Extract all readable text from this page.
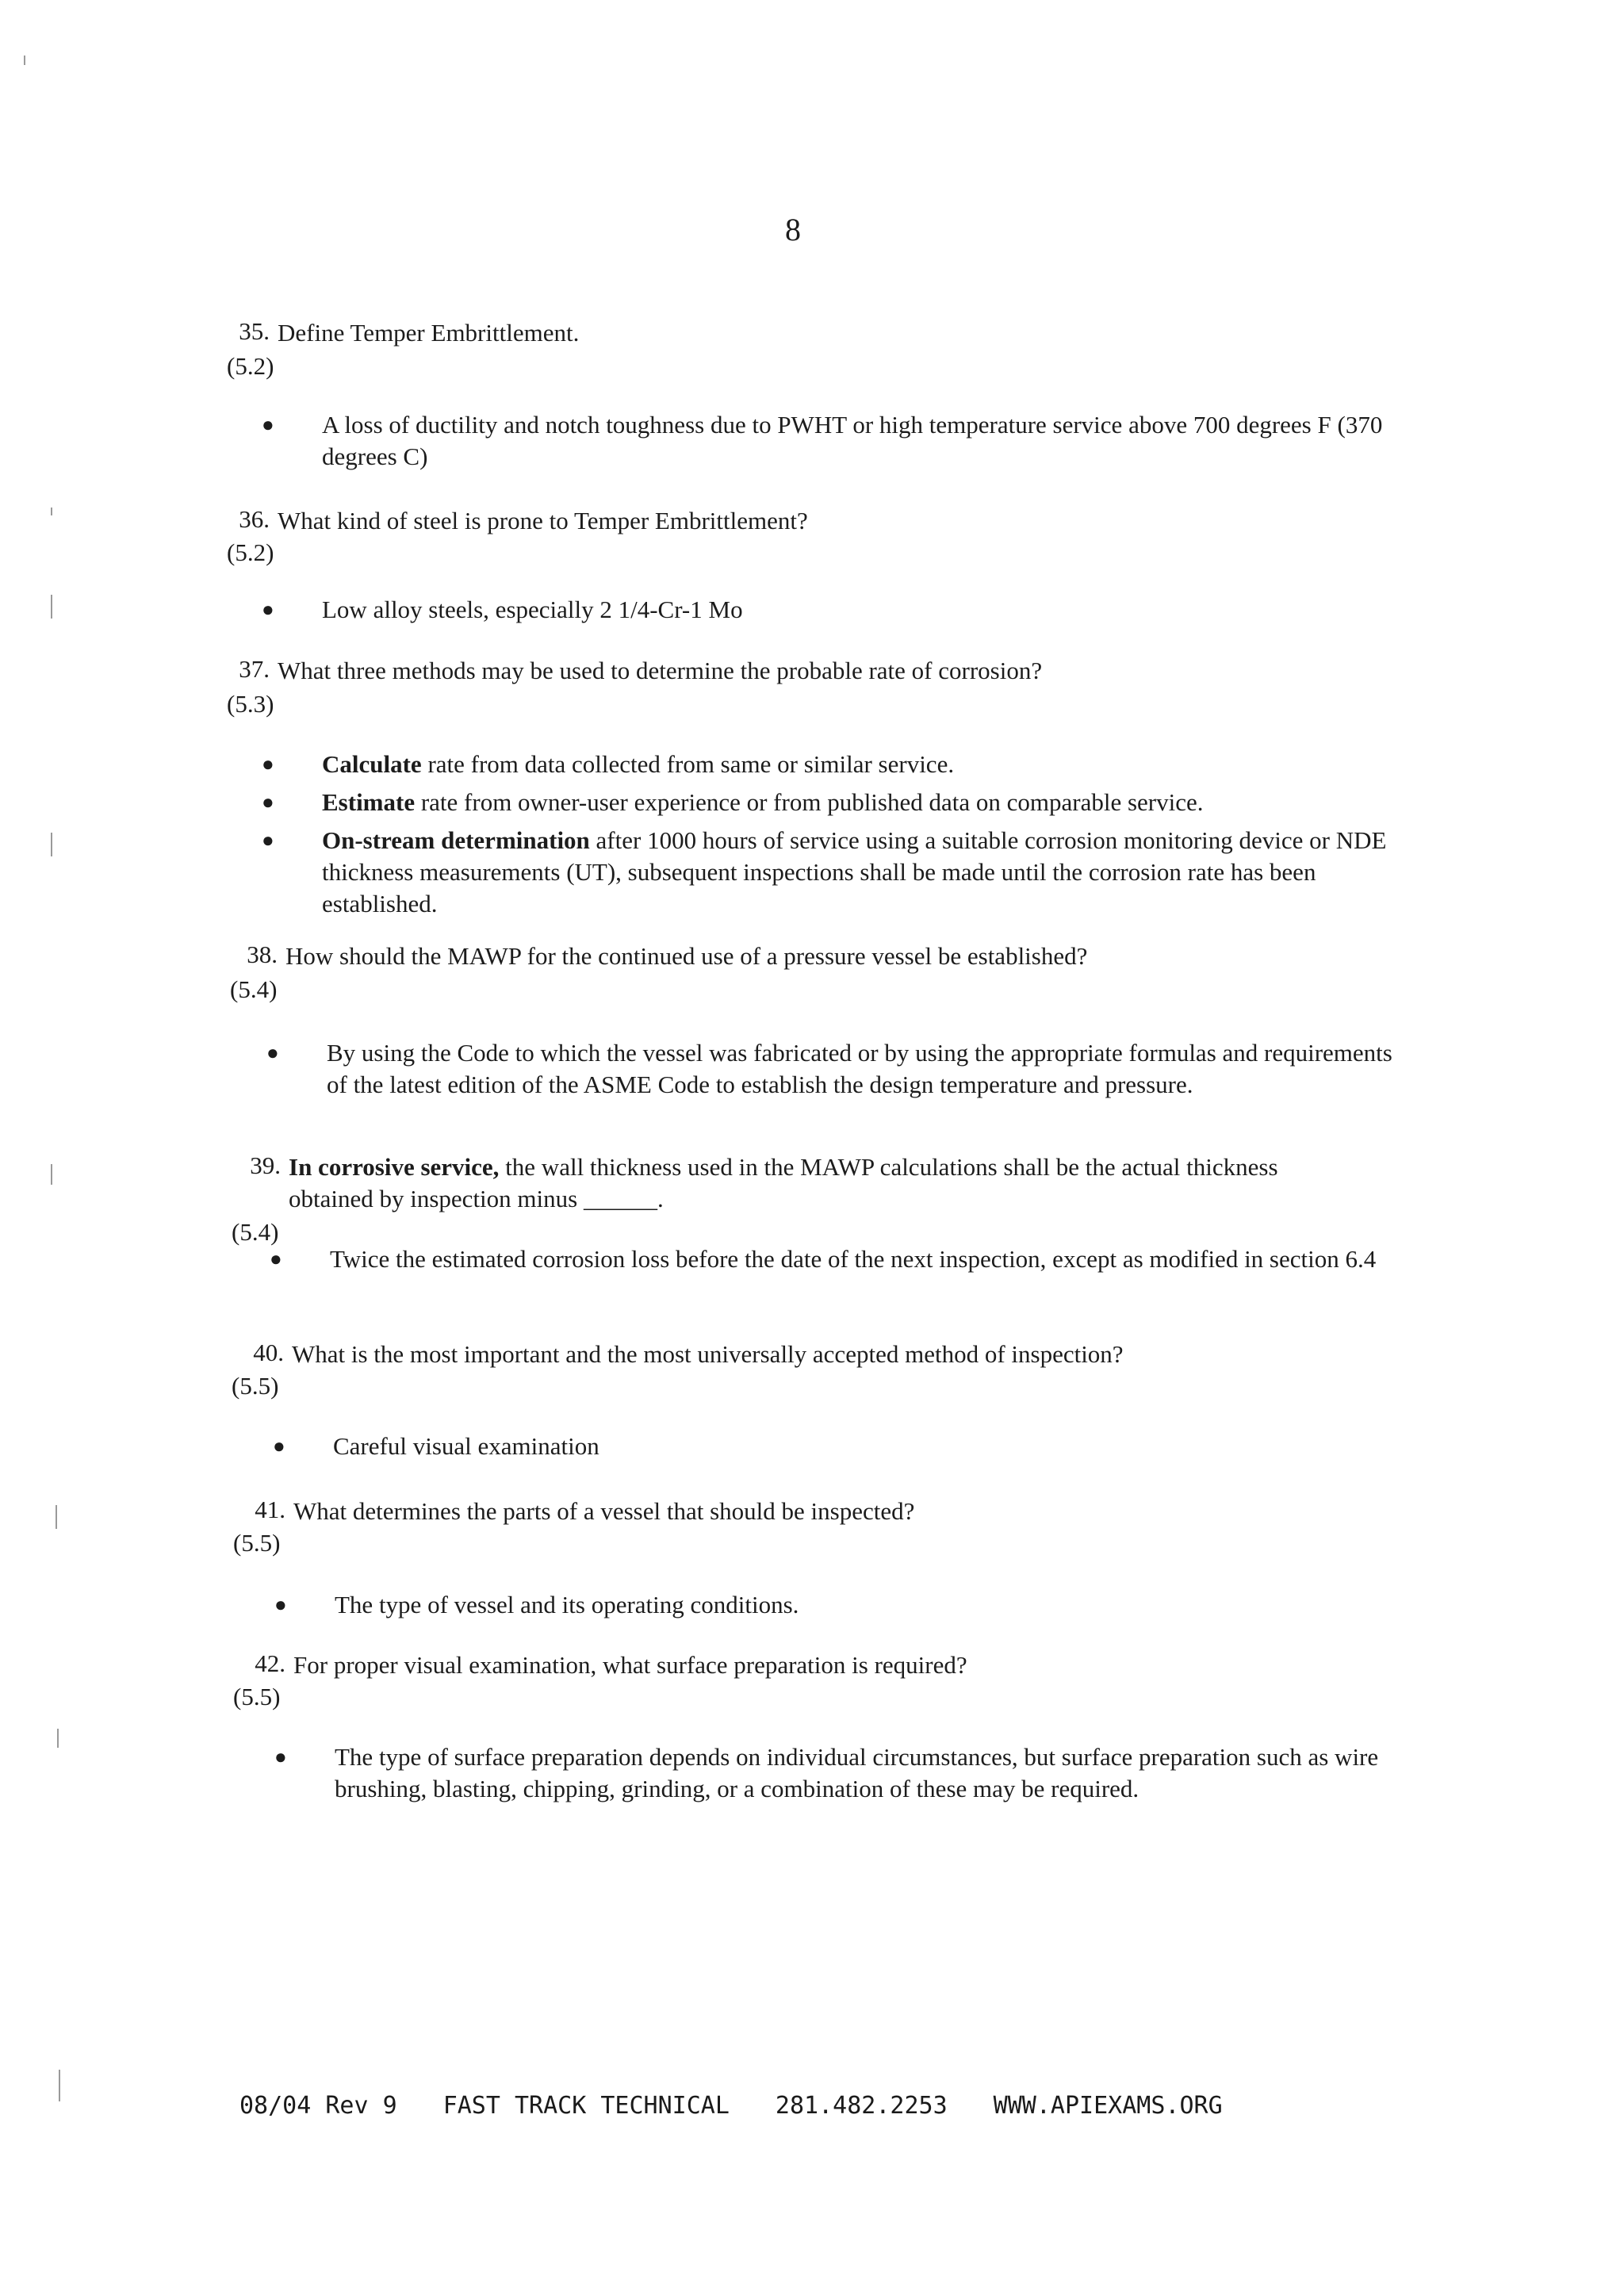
8
35. Define Temper Embrittlement.
(5.2)
● A loss of ductility and notch toughness due to PWHT or high temperature service above 700 degrees F (370 degrees C)
36. What kind of steel is prone to Temper Embrittlement?
(5.2)
● Low alloy steels, especially 2 1/4-Cr-1 Mo
37. What three methods may be used to determine the probable rate of corrosion?
(5.3)
● Calculate rate from data collected from same or similar service.
● Estimate rate from owner-user experience or from published data on comparable service.
● On-stream determination after 1000 hours of service using a suitable corrosion monitoring device or NDE thickness measurements (UT), subsequent inspections shall be made until the corrosion rate has been established.
38. How should the MAWP for the continued use of a pressure vessel be established?
(5.4)
● By using the Code to which the vessel was fabricated or by using the appropriate formulas and requirements of the latest edition of the ASME Code to establish the design temperature and pressure.
39. In corrosive service, the wall thickness used in the MAWP calculations shall be the actual thickness obtained by inspection minus ______.
(5.4)
● Twice the estimated corrosion loss before the date of the next inspection, except as modified in section 6.4
40. What is the most important and the most universally accepted method of inspection?
(5.5)
● Careful visual examination
41. What determines the parts of a vessel that should be inspected?
(5.5)
● The type of vessel and its operating conditions.
42. For proper visual examination, what surface preparation is required?
(5.5)
● The type of surface preparation depends on individual circumstances, but surface preparation such as wire brushing, blasting, chipping, grinding, or a combination of these may be required.
08/04 Rev 9 FAST TRACK TECHNICAL 281.482.2253 WWW.APIEXAMS.ORG
